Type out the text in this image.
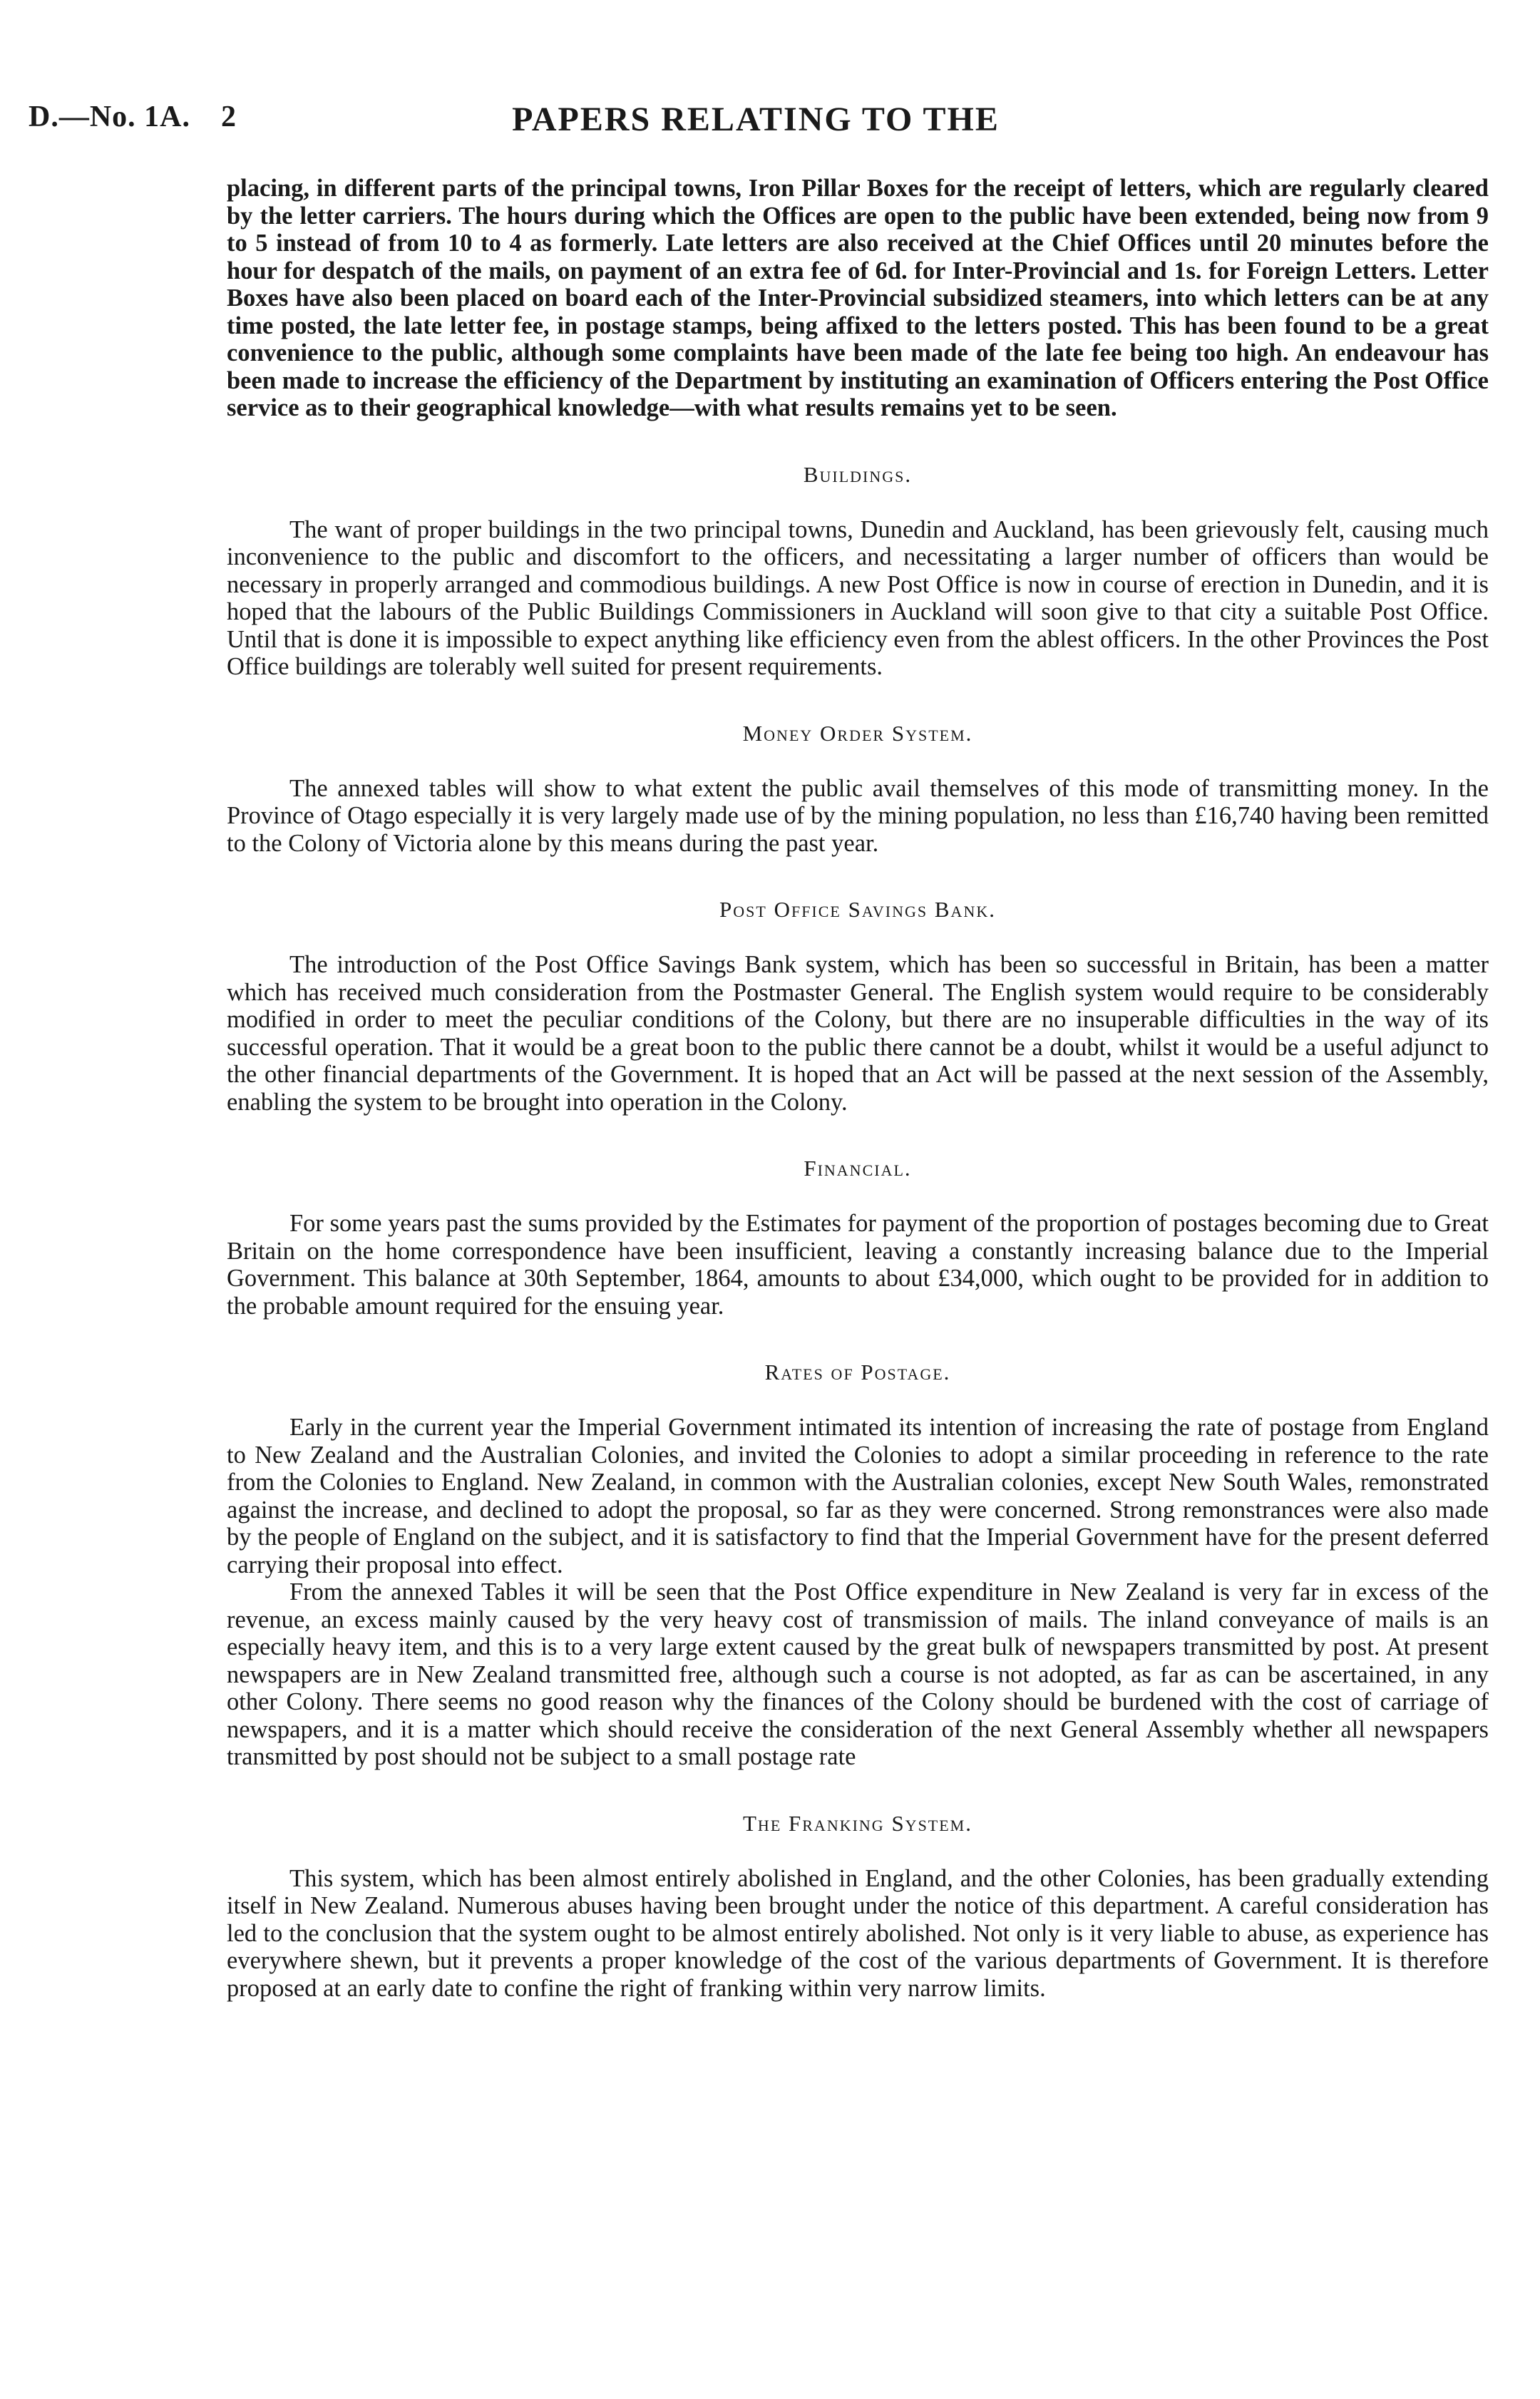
D.—No. 1A. 2	PAPERS RELATING TO THE

placing, in different parts of the principal towns, Iron Pillar Boxes for the receipt of letters, which are regularly cleared by the letter carriers. The hours during which the Offices are open to the public have been extended, being now from 9 to 5 instead of from 10 to 4 as formerly. Late letters are also received at the Chief Offices until 20 minutes before the hour for despatch of the mails, on payment of an extra fee of 6d. for Inter-Provincial and 1s. for Foreign Letters. Letter Boxes have also been placed on board each of the Inter-Provincial subsidized steamers, into which letters can be at any time posted, the late letter fee, in postage stamps, being affixed to the letters posted. This has been found to be a great convenience to the public, although some complaints have been made of the late fee being too high. An endeavour has been made to increase the efficiency of the Department by instituting an examination of Officers entering the Post Office service as to their geographical knowledge—with what results remains yet to be seen.

Buildings.

The want of proper buildings in the two principal towns, Dunedin and Auckland, has been grievously felt, causing much inconvenience to the public and discomfort to the officers, and necessitating a larger number of officers than would be necessary in properly arranged and commodious buildings. A new Post Office is now in course of erection in Dunedin, and it is hoped that the labours of the Public Buildings Commissioners in Auckland will soon give to that city a suitable Post Office. Until that is done it is impossible to expect anything like efficiency even from the ablest officers. In the other Provinces the Post Office buildings are tolerably well suited for present requirements.

Money Order System.

The annexed tables will show to what extent the public avail themselves of this mode of transmitting money. In the Province of Otago especially it is very largely made use of by the mining population, no less than £16,740 having been remitted to the Colony of Victoria alone by this means during the past year.

Post Office Savings Bank.

The introduction of the Post Office Savings Bank system, which has been so successful in Britain, has been a matter which has received much consideration from the Postmaster General. The English system would require to be considerably modified in order to meet the peculiar conditions of the Colony, but there are no insuperable difficulties in the way of its successful operation. That it would be a great boon to the public there cannot be a doubt, whilst it would be a useful adjunct to the other financial departments of the Government. It is hoped that an Act will be passed at the next session of the Assembly, enabling the system to be brought into operation in the Colony.

Financial.

For some years past the sums provided by the Estimates for payment of the proportion of postages becoming due to Great Britain on the home correspondence have been insufficient, leaving a constantly increasing balance due to the Imperial Government. This balance at 30th September, 1864, amounts to about £34,000, which ought to be provided for in addition to the probable amount required for the ensuing year.

Rates of Postage.

Early in the current year the Imperial Government intimated its intention of increasing the rate of postage from England to New Zealand and the Australian Colonies, and invited the Colonies to adopt a similar proceeding in reference to the rate from the Colonies to England. New Zealand, in common with the Australian colonies, except New South Wales, remonstrated against the increase, and declined to adopt the proposal, so far as they were concerned. Strong remonstrances were also made by the people of England on the subject, and it is satisfactory to find that the Imperial Government have for the present deferred carrying their proposal into effect.

From the annexed Tables it will be seen that the Post Office expenditure in New Zealand is very far in excess of the revenue, an excess mainly caused by the very heavy cost of transmission of mails. The inland conveyance of mails is an especially heavy item, and this is to a very large extent caused by the great bulk of newspapers transmitted by post. At present newspapers are in New Zealand transmitted free, although such a course is not adopted, as far as can be ascertained, in any other Colony. There seems no good reason why the finances of the Colony should be burdened with the cost of carriage of newspapers, and it is a matter which should receive the consideration of the next General Assembly whether all newspapers transmitted by post should not be subject to a small postage rate

The Franking System.

This system, which has been almost entirely abolished in England, and the other Colonies, has been gradually extending itself in New Zealand. Numerous abuses having been brought under the notice of this department. A careful consideration has led to the conclusion that the system ought to be almost entirely abolished. Not only is it very liable to abuse, as experience has everywhere shewn, but it prevents a proper knowledge of the cost of the various departments of Government. It is therefore proposed at an early date to confine the right of franking within very narrow limits.
